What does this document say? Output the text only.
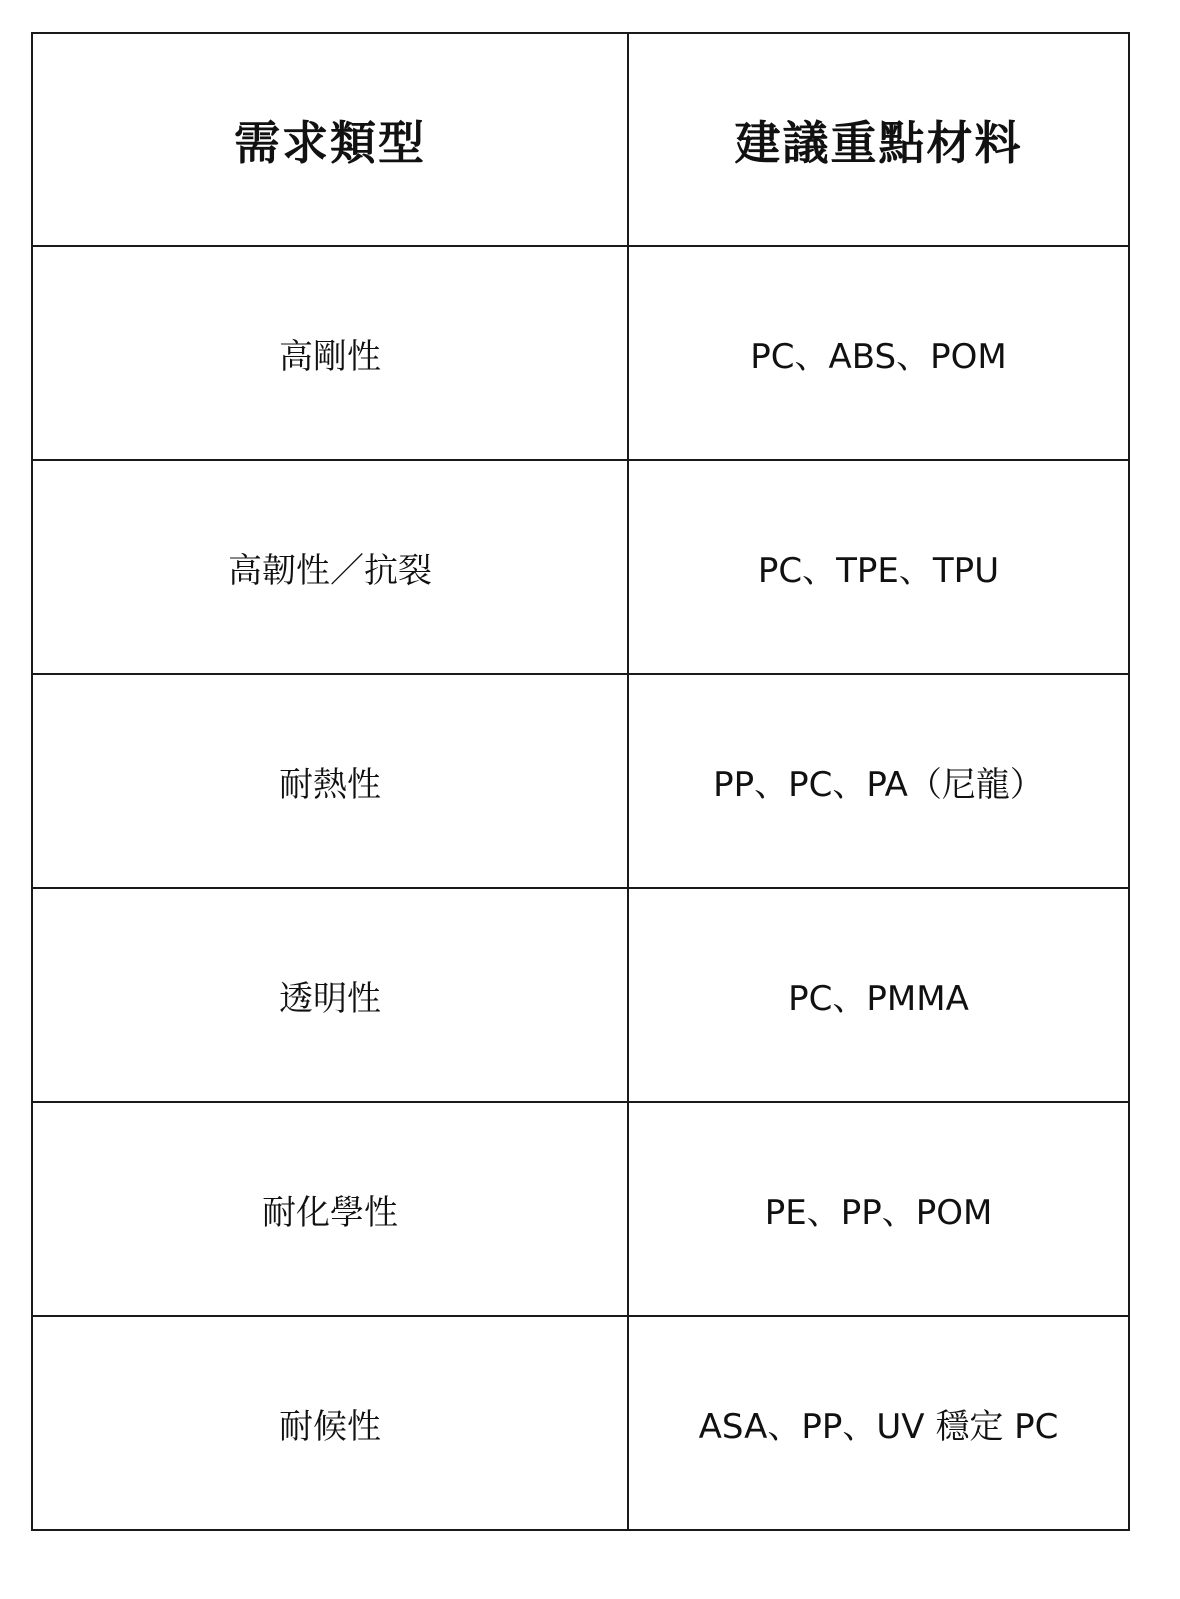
需求類型	建議重點材料
高剛性	PC、ABS、POM
高韌性／抗裂	PC、TPE、TPU
耐熱性	PP、PC、PA（尼龍）
透明性	PC、PMMA
耐化學性	PE、PP、POM
耐候性	ASA、PP、UV 穩定 PC
